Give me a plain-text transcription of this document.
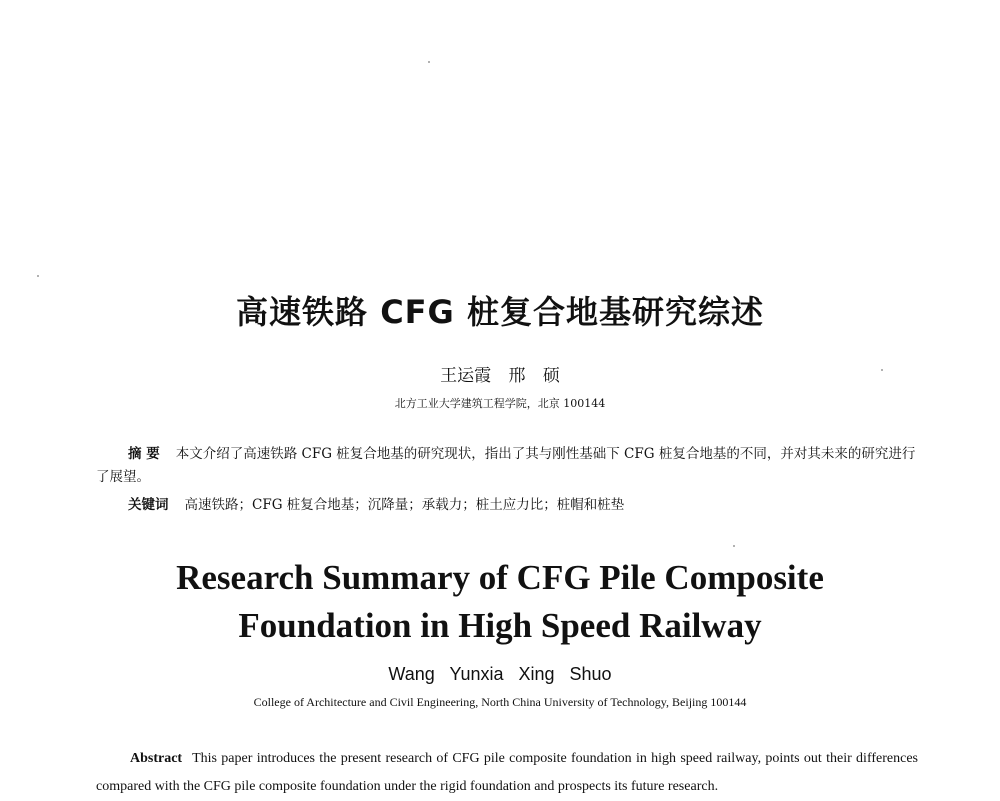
高速铁路 CFG 桩复合地基研究综述
王运霞 邢 硕
北方工业大学建筑工程学院，北京 100144

摘 要 本文介绍了高速铁路 CFG 桩复合地基的研究现状，指出了其与刚性基础下 CFG 桩复合地基的不同，并对其未来的研究进行了展望。

关键词 高速铁路；CFG 桩复合地基；沉降量；承载力；桩土应力比；桩帽和桩垫
Research Summary of CFG Pile Composite
Foundation in High Speed Railway
Wang Yunxia Xing Shuo
College of Architecture and Civil Engineering, North China University of Technology, Beijing 100144

Abstract This paper introduces the present research of CFG pile composite foundation in high speed railway, points out their differences compared with the CFG pile composite foundation under the rigid foundation and prospects its future research.
